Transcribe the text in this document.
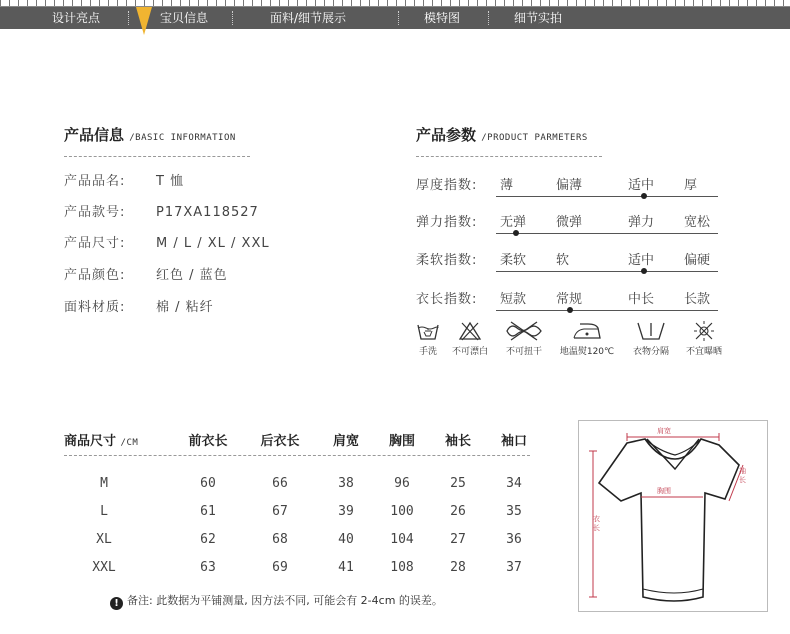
设计亮点	宝贝信息	面料/细节展示	模特图	细节实拍
产品信息 /BASIC INFORMATION
产品品名: T 恤
产品款号: P17XA118527
产品尺寸: M / L / XL / XXL
产品颜色: 红色 / 蓝色
面料材质: 棉 / 粘纤
产品参数 /PRODUCT PARMETERS
厚度指数: 薄	偏薄	适中 厚
弹力指数: 无弹 微弹	弹力 宽松
柔软指数: 柔软 软	适中 偏硬
衣长指数: 短款 常规	中长 长款
手洗	不可漂白	不可扭干	地温熨120℃	衣物分隔	不宜曝晒
商品尺寸 /CM	前衣长	后衣长	肩宽	胸围	袖长	袖口
M	60	66	38	96	25	34
L	61	67	39	100	26	35
XL	62	68	40	104	27	36
XXL	63	69	41	108	28	37
! 备注: 此数据为平铺测量, 因方法不同, 可能会有 2-4cm 的误差。
肩宽
胸围
衣长
袖长
